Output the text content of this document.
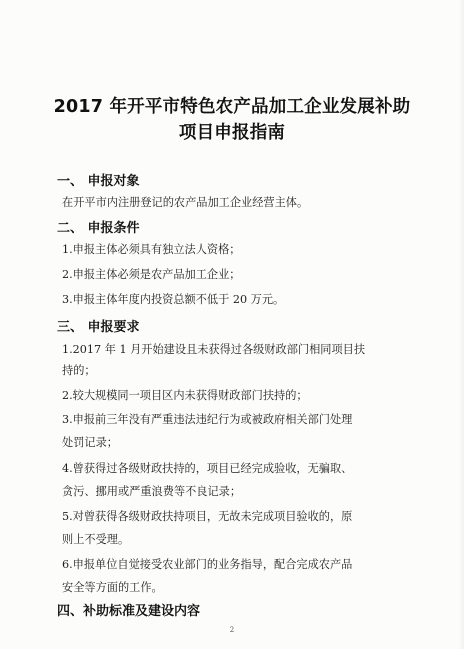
2017 年开平市特色农产品加工企业发展补助
项目申报指南
一、 申报对象
在开平市内注册登记的农产品加工企业经营主体。
二、 申报条件
1.申报主体必须具有独立法人资格；
2.申报主体必须是农产品加工企业；
3.申报主体年度内投资总额不低于 20 万元。
三、 申报要求
1.2017 年 1 月开始建设且未获得过各级财政部门相同项目扶
持的；
2.较大规模同一项目区内未获得财政部门扶持的；
3.申报前三年没有严重违法违纪行为或被政府相关部门处理
处罚记录；
4.曾获得过各级财政扶持的，项目已经完成验收，无骗取、
贪污、挪用或严重浪费等不良记录；
5.对曾获得各级财政扶持项目，无故未完成项目验收的，原
则上不受理。
6.申报单位自觉接受农业部门的业务指导，配合完成农产品
安全等方面的工作。
四、补助标准及建设内容
2
